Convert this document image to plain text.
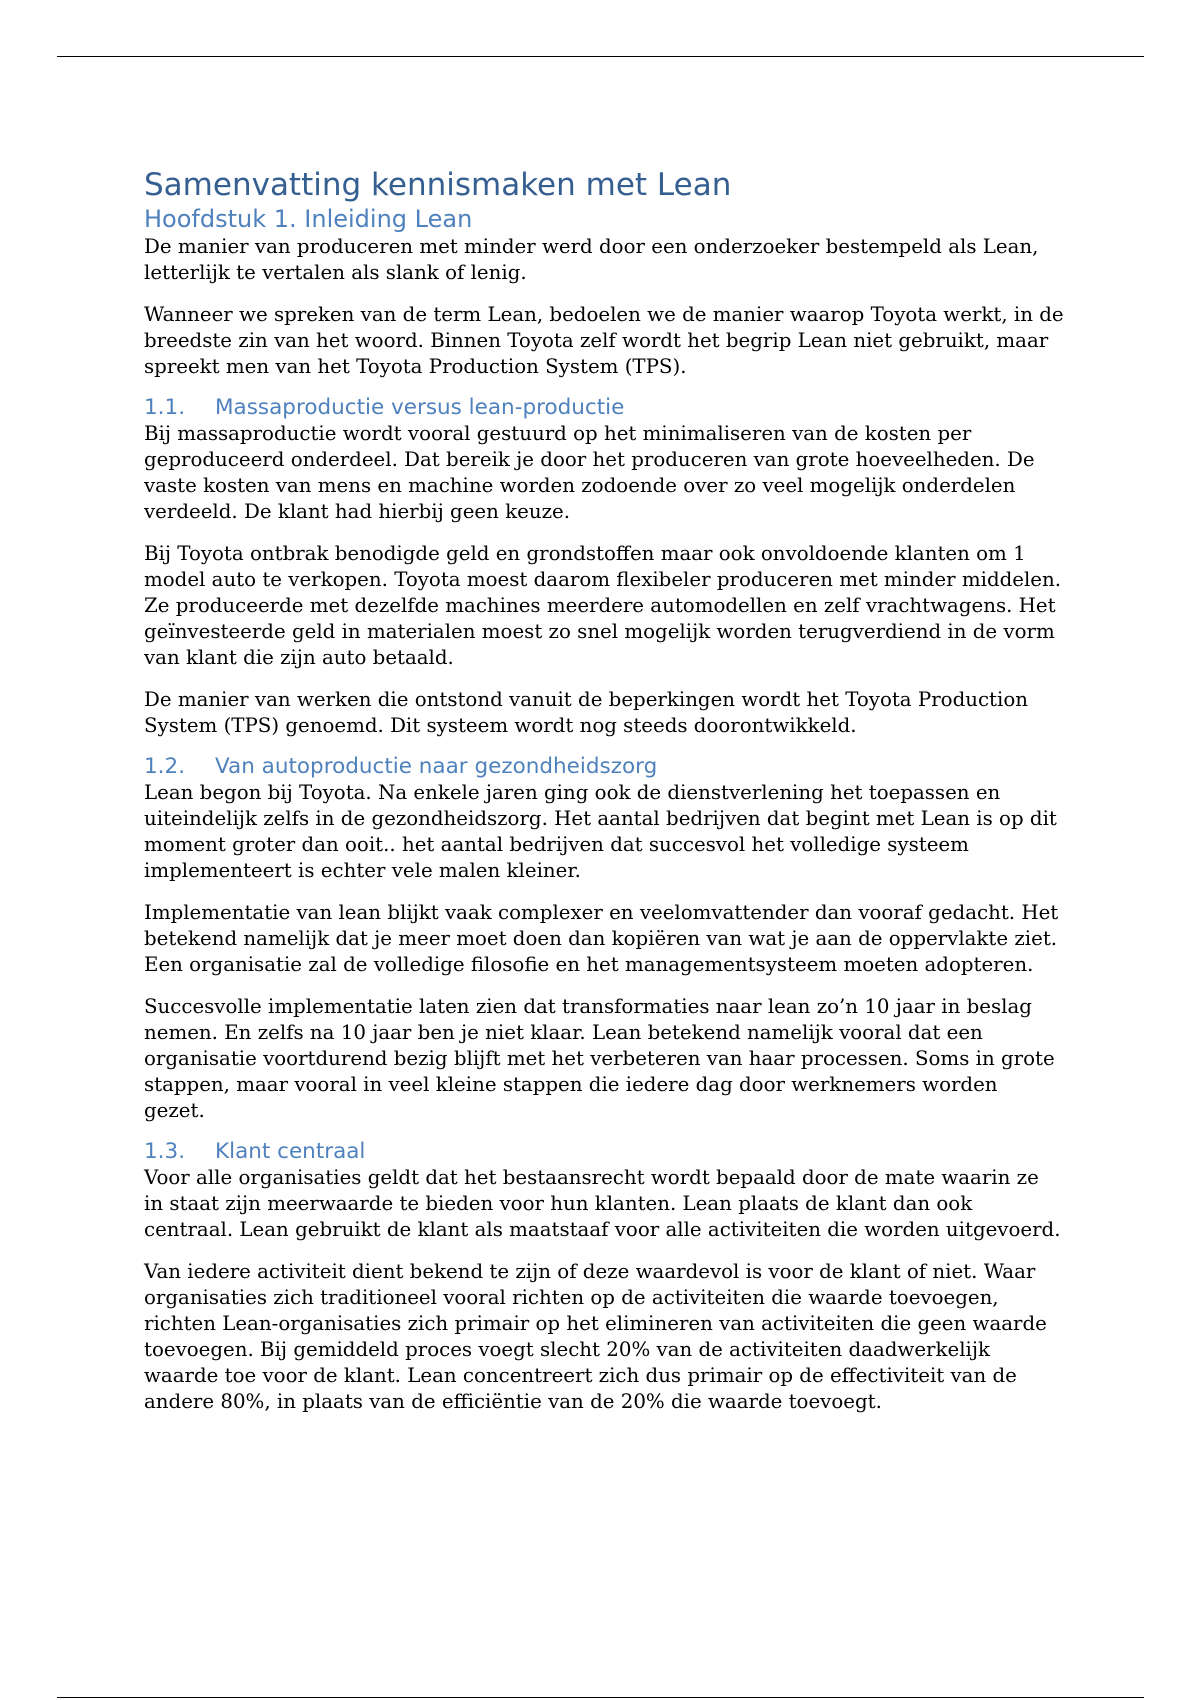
Samenvatting kennismaken met Lean
Hoofdstuk 1. Inleiding Lean

De manier van produceren met minder werd door een onderzoeker bestempeld als Lean, letterlijk te vertalen als slank of lenig.

Wanneer we spreken van de term Lean, bedoelen we de manier waarop Toyota werkt, in de breedste zin van het woord. Binnen Toyota zelf wordt het begrip Lean niet gebruikt, maar spreekt men van het Toyota Production System (TPS).

1.1. Massaproductie versus lean-productie

Bij massaproductie wordt vooral gestuurd op het minimaliseren van de kosten per geproduceerd onderdeel. Dat bereik je door het produceren van grote hoeveelheden. De vaste kosten van mens en machine worden zodoende over zo veel mogelijk onderdelen verdeeld. De klant had hierbij geen keuze.

Bij Toyota ontbrak benodigde geld en grondstoffen maar ook onvoldoende klanten om 1 model auto te verkopen. Toyota moest daarom flexibeler produceren met minder middelen. Ze produceerde met dezelfde machines meerdere automodellen en zelf vrachtwagens. Het geïnvesteerde geld in materialen moest zo snel mogelijk worden terugverdiend in de vorm van klant die zijn auto betaald.

De manier van werken die ontstond vanuit de beperkingen wordt het Toyota Production System (TPS) genoemd. Dit systeem wordt nog steeds doorontwikkeld.

1.2. Van autoproductie naar gezondheidszorg

Lean begon bij Toyota. Na enkele jaren ging ook de dienstverlening het toepassen en uiteindelijk zelfs in de gezondheidszorg. Het aantal bedrijven dat begint met Lean is op dit moment groter dan ooit.. het aantal bedrijven dat succesvol het volledige systeem implementeert is echter vele malen kleiner.

Implementatie van lean blijkt vaak complexer en veelomvattender dan vooraf gedacht. Het betekend namelijk dat je meer moet doen dan kopiëren van wat je aan de oppervlakte ziet. Een organisatie zal de volledige filosofie en het managementsysteem moeten adopteren.

Succesvolle implementatie laten zien dat transformaties naar lean zo’n 10 jaar in beslag nemen. En zelfs na 10 jaar ben je niet klaar. Lean betekend namelijk vooral dat een organisatie voortdurend bezig blijft met het verbeteren van haar processen. Soms in grote stappen, maar vooral in veel kleine stappen die iedere dag door werknemers worden gezet.

1.3. Klant centraal

Voor alle organisaties geldt dat het bestaansrecht wordt bepaald door de mate waarin ze in staat zijn meerwaarde te bieden voor hun klanten. Lean plaats de klant dan ook centraal. Lean gebruikt de klant als maatstaaf voor alle activiteiten die worden uitgevoerd.

Van iedere activiteit dient bekend te zijn of deze waardevol is voor de klant of niet. Waar organisaties zich traditioneel vooral richten op de activiteiten die waarde toevoegen, richten Lean-organisaties zich primair op het elimineren van activiteiten die geen waarde toevoegen. Bij gemiddeld proces voegt slecht 20% van de activiteiten daadwerkelijk waarde toe voor de klant. Lean concentreert zich dus primair op de effectiviteit van de andere 80%, in plaats van de efficiëntie van de 20% die waarde toevoegt.
